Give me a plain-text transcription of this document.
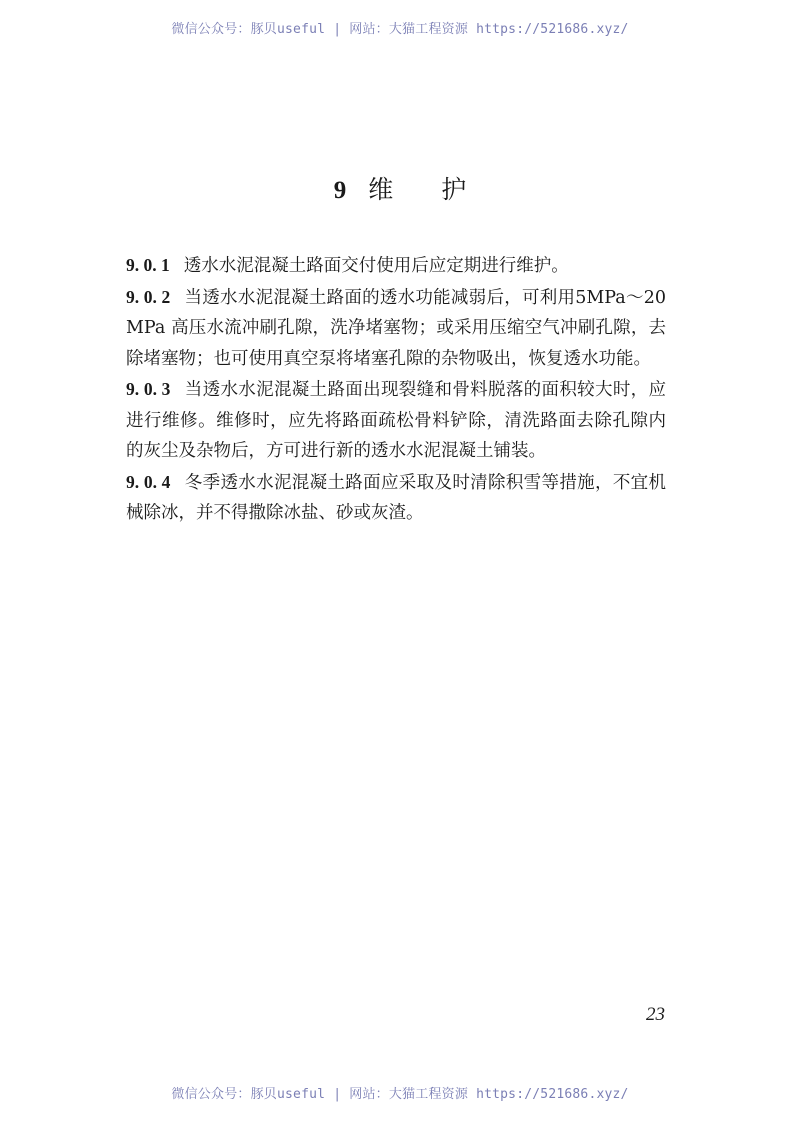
微信公众号：豚贝useful | 网站：大猫工程资源 https://521686.xyz/
9 维护

9. 0. 1 透水水泥混凝土路面交付使用后应定期进行维护。

9. 0. 2 当透水水泥混凝土路面的透水功能减弱后，可利用5MPa～20MPa 高压水流冲刷孔隙，洗净堵塞物；或采用压缩空气冲刷孔隙，去除堵塞物；也可使用真空泵将堵塞孔隙的杂物吸出，恢复透水功能。

9. 0. 3 当透水水泥混凝土路面出现裂缝和骨料脱落的面积较大时，应进行维修。维修时，应先将路面疏松骨料铲除，清洗路面去除孔隙内的灰尘及杂物后，方可进行新的透水水泥混凝土铺装。

9. 0. 4 冬季透水水泥混凝土路面应采取及时清除积雪等措施，不宜机械除冰，并不得撒除冰盐、砂或灰渣。

23
微信公众号：豚贝useful | 网站：大猫工程资源 https://521686.xyz/
